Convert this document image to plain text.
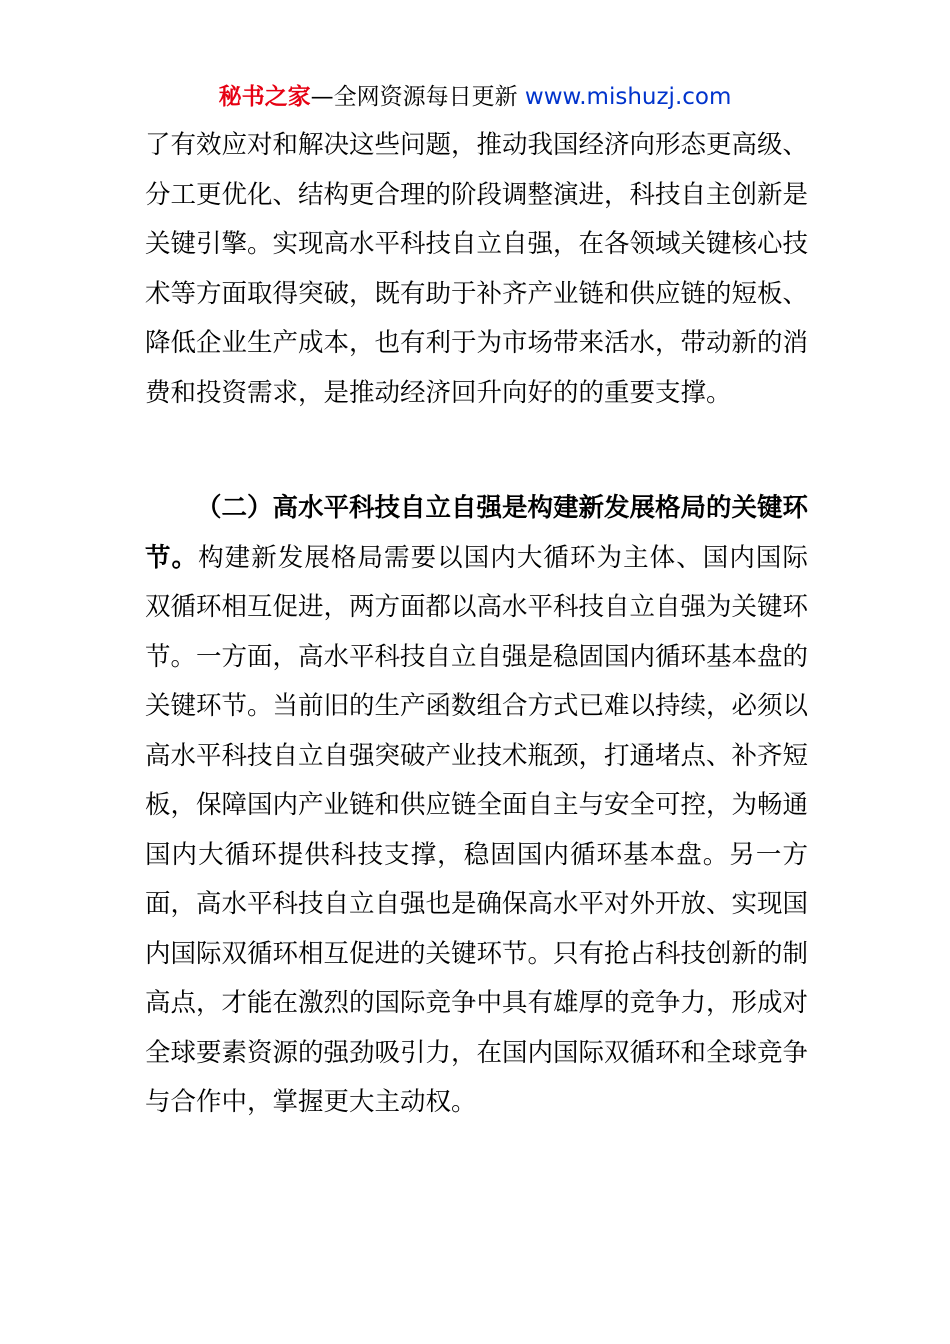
秘书之家—全网资源每日更新 www.mishuzj.com

了有效应对和解决这些问题，推动我国经济向形态更高级、分工更优化、结构更合理的阶段调整演进，科技自主创新是关键引擎。实现高水平科技自立自强，在各领域关键核心技术等方面取得突破，既有助于补齐产业链和供应链的短板、降低企业生产成本，也有利于为市场带来活水，带动新的消费和投资需求，是推动经济回升向好的的重要支撑。

（二）高水平科技自立自强是构建新发展格局的关键环节。构建新发展格局需要以国内大循环为主体、国内国际双循环相互促进，两方面都以高水平科技自立自强为关键环节。一方面，高水平科技自立自强是稳固国内循环基本盘的关键环节。当前旧的生产函数组合方式已难以持续，必须以高水平科技自立自强突破产业技术瓶颈，打通堵点、补齐短板，保障国内产业链和供应链全面自主与安全可控，为畅通国内大循环提供科技支撑，稳固国内循环基本盘。另一方面，高水平科技自立自强也是确保高水平对外开放、实现国内国际双循环相互促进的关键环节。只有抢占科技创新的制高点，才能在激烈的国际竞争中具有雄厚的竞争力，形成对全球要素资源的强劲吸引力，在国内国际双循环和全球竞争与合作中，掌握更大主动权。
